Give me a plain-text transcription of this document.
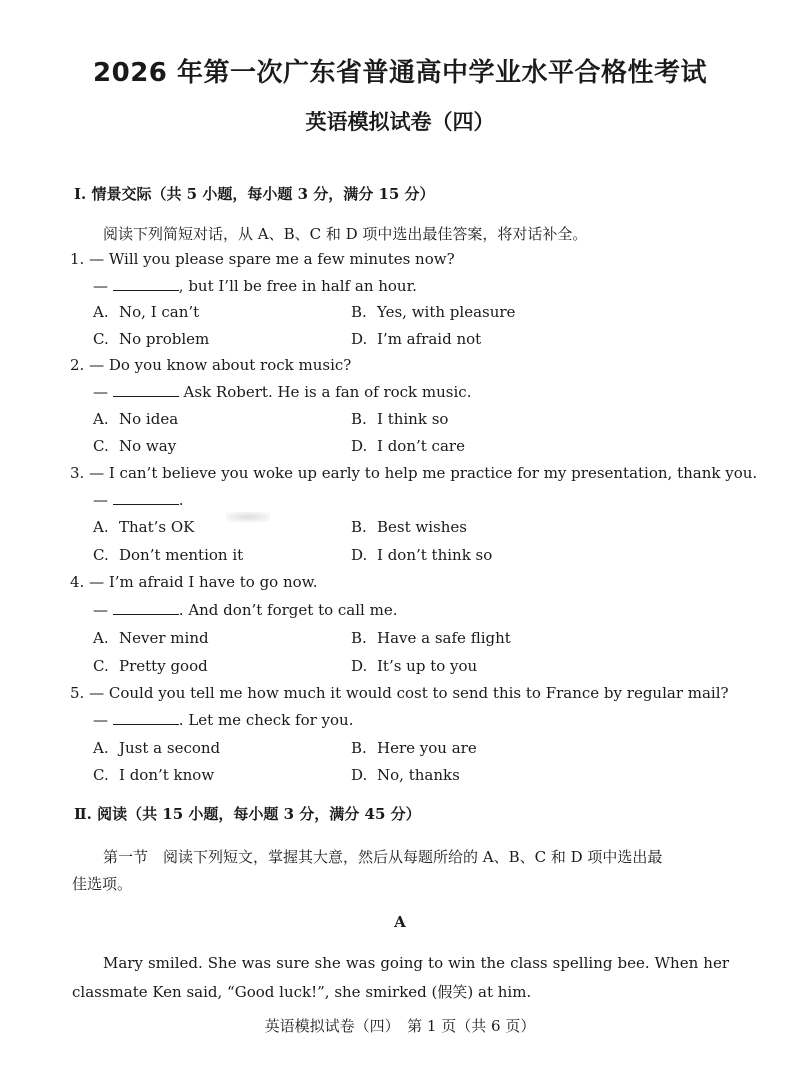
2026 年第一次广东省普通高中学业水平合格性考试
英语模拟试卷（四）
Ⅰ. 情景交际（共 5 小题，每小题 3 分，满分 15 分）
阅读下列简短对话，从 A、B、C 和 D 项中选出最佳答案，将对话补全。
1. — Will you please spare me a few minutes now?
—	, but I’ll be free in half an hour.
A. No, I can’t	B. Yes, with pleasure
C. No problem	D. I’m afraid not
2. — Do you know about rock music?
—	Ask Robert. He is a fan of rock music.
A. No idea	B. I think so
C. No way	D. I don’t care
3. — I can’t believe you woke up early to help me practice for my presentation, thank you.
—	.
A. That’s OK	B. Best wishes
C. Don’t mention it	D. I don’t think so
4. — I’m afraid I have to go now.
—	. And don’t forget to call me.
A. Never mind	B. Have a safe flight
C. Pretty good	D. It’s up to you
5. — Could you tell me how much it would cost to send this to France by regular mail?
—	. Let me check for you.
A. Just a second	B. Here you are
C. I don’t know	D. No, thanks
Ⅱ. 阅读（共 15 小题，每小题 3 分，满分 45 分）
第一节　阅读下列短文，掌握其大意，然后从每题所给的 A、B、C 和 D 项中选出最
佳选项。
A
Mary smiled. She was sure she was going to win the class spelling bee. When her
classmate Ken said, “Good luck!”, she smirked (假笑) at him.
英语模拟试卷（四）　第 1 页（共 6 页）
